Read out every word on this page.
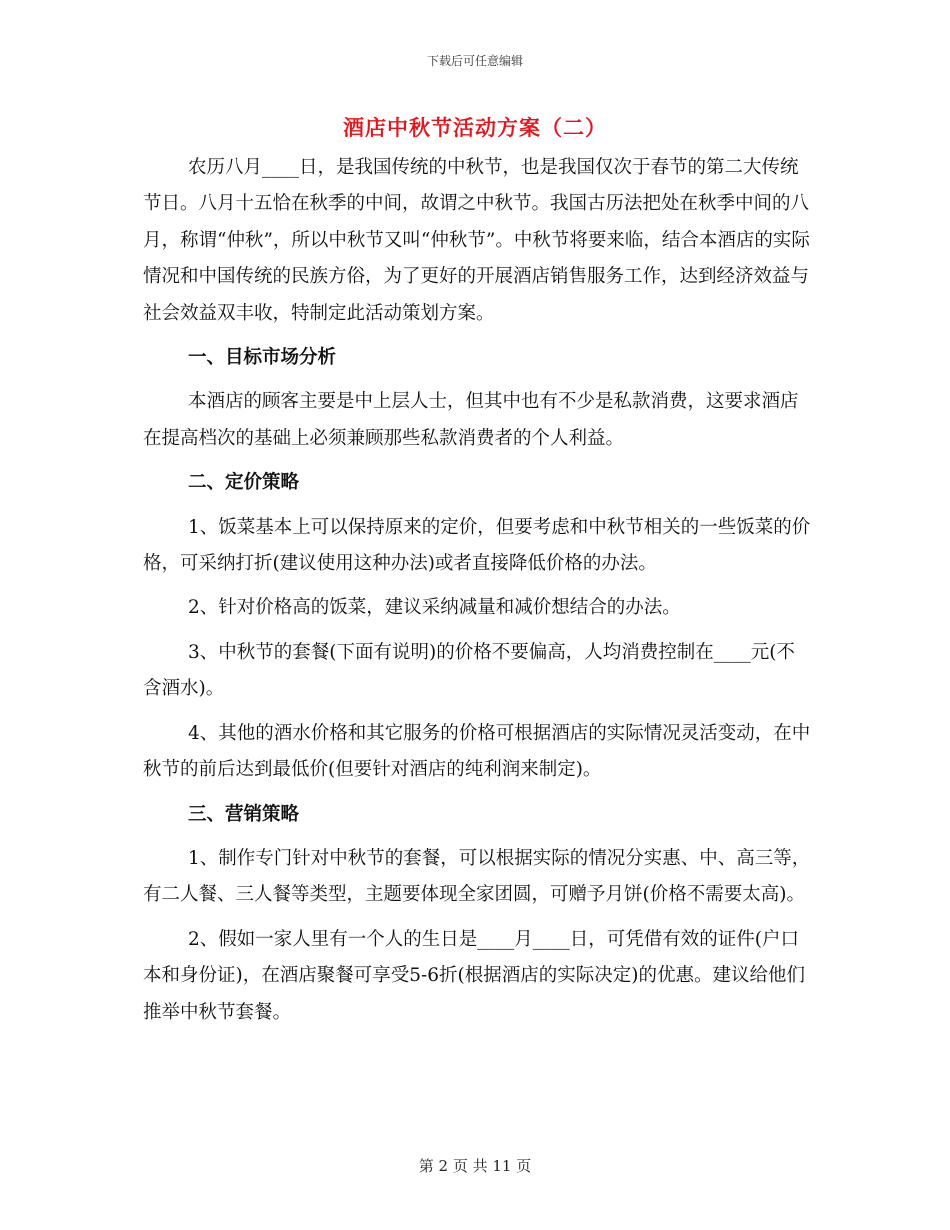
下载后可任意编辑
酒店中秋节活动方案（二）

农历八月____日，是我国传统的中秋节，也是我国仅次于春节的第二大传统节日。八月十五恰在秋季的中间，故谓之中秋节。我国古历法把处在秋季中间的八月，称谓“仲秋”，所以中秋节又叫“仲秋节”。中秋节将要来临，结合本酒店的实际情况和中国传统的民族方俗，为了更好的开展酒店销售服务工作，达到经济效益与社会效益双丰收，特制定此活动策划方案。

一、目标市场分析

本酒店的顾客主要是中上层人士，但其中也有不少是私款消费，这要求酒店在提高档次的基础上必须兼顾那些私款消费者的个人利益。

二、定价策略

1、饭菜基本上可以保持原来的定价，但要考虑和中秋节相关的一些饭菜的价格，可采纳打折(建议使用这种办法)或者直接降低价格的办法。

2、针对价格高的饭菜，建议采纳减量和减价想结合的办法。

3、中秋节的套餐(下面有说明)的价格不要偏高，人均消费控制在____元(不含酒水)。

4、其他的酒水价格和其它服务的价格可根据酒店的实际情况灵活变动，在中秋节的前后达到最低价(但要针对酒店的纯利润来制定)。

三、营销策略

1、制作专门针对中秋节的套餐，可以根据实际的情况分实惠、中、高三等，有二人餐、三人餐等类型，主题要体现全家团圆，可赠予月饼(价格不需要太高)。

2、假如一家人里有一个人的生日是____月____日，可凭借有效的证件(户口本和身份证)，在酒店聚餐可享受5-6折(根据酒店的实际决定)的优惠。建议给他们推举中秋节套餐。

第 2 页 共 11 页
